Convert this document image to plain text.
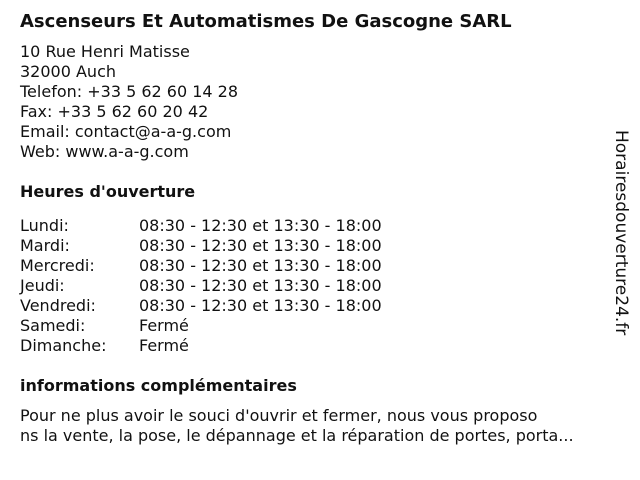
Ascenseurs Et Automatismes De Gascogne SARL
10 Rue Henri Matisse
32000 Auch
Telefon: +33 5 62 60 14 28
Fax: +33 5 62 60 20 42
Email: contact@a-a-g.com
Web: www.a-a-g.com
Heures d'ouverture
Lundi:	08:30 - 12:30 et 13:30 - 18:00
Mardi:	08:30 - 12:30 et 13:30 - 18:00
Mercredi:	08:30 - 12:30 et 13:30 - 18:00
Jeudi:	08:30 - 12:30 et 13:30 - 18:00
Vendredi:	08:30 - 12:30 et 13:30 - 18:00
Samedi:	Fermé
Dimanche:	Fermé
informations complémentaires
Pour ne plus avoir le souci d'ouvrir et fermer, nous vous proposo
ns la vente, la pose, le dépannage et la réparation de portes, porta...
Horairesdouverture24.fr
